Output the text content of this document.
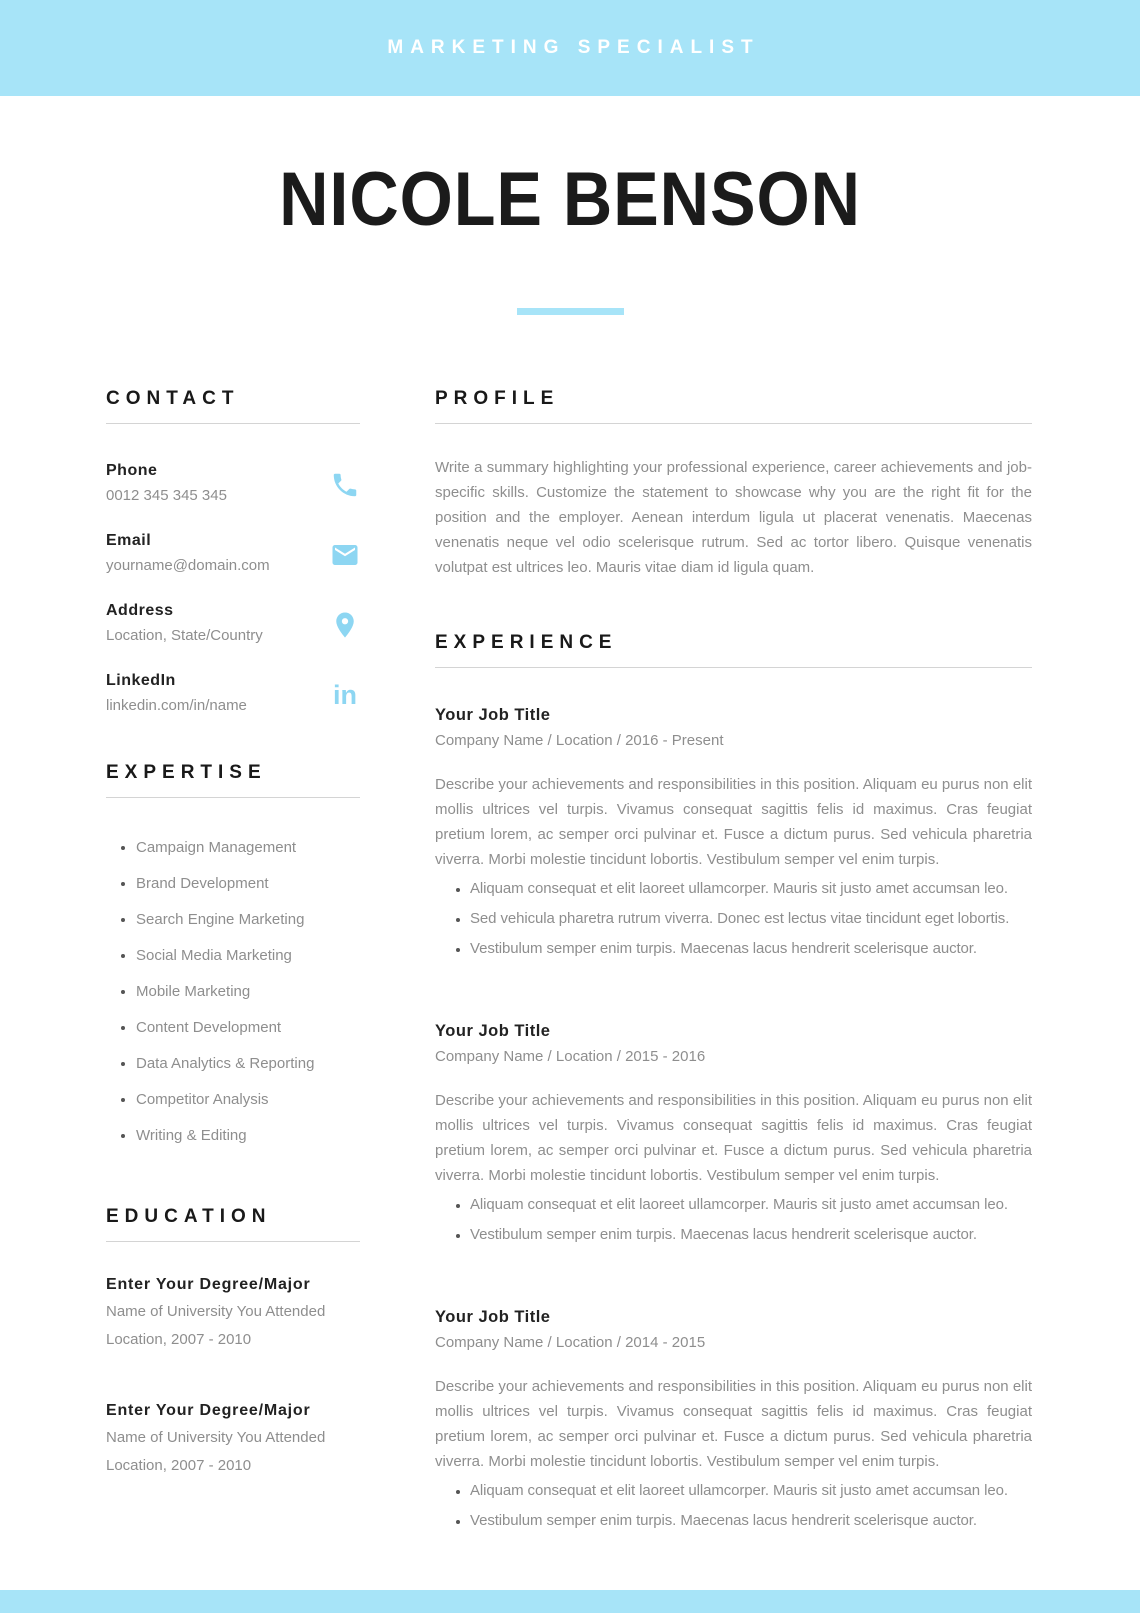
MARKETING SPECIALIST
NICOLE BENSON
CONTACT
Phone
0012 345 345 345
Email
yourname@domain.com
Address
Location, State/Country
LinkedIn
linkedin.com/in/name	in
EXPERTISE
• Campaign Management
• Brand Development
• Search Engine Marketing
• Social Media Marketing
• Mobile Marketing
• Content Development
• Data Analytics & Reporting
• Competitor Analysis
• Writing & Editing
EDUCATION
Enter Your Degree/Major
Name of University You Attended
Location, 2007 - 2010
Enter Your Degree/Major
Name of University You Attended
Location, 2007 - 2010
PROFILE

Write a summary highlighting your professional experience, career achievements and job-specific skills. Customize the statement to showcase why you are the right fit for the position and the employer. Aenean interdum ligula ut placerat venenatis. Maecenas venenatis neque vel odio scelerisque rutrum. Sed ac tortor libero. Quisque venenatis volutpat est ultrices leo. Mauris vitae diam id ligula quam.

EXPERIENCE
Your Job Title
Company Name / Location / 2016 - Present

Describe your achievements and responsibilities in this position. Aliquam eu purus non elit mollis ultrices vel turpis. Vivamus consequat sagittis felis id maximus. Cras feugiat pretium lorem, ac semper orci pulvinar et. Fusce a dictum purus. Sed vehicula pharetria viverra. Morbi molestie tincidunt lobortis. Vestibulum semper vel enim turpis.

• Aliquam consequat et elit laoreet ullamcorper. Mauris sit justo amet accumsan leo.
• Sed vehicula pharetra rutrum viverra. Donec est lectus vitae tincidunt eget lobortis.
• Vestibulum semper enim turpis. Maecenas lacus hendrerit scelerisque auctor.
Your Job Title
Company Name / Location / 2015 - 2016

Describe your achievements and responsibilities in this position. Aliquam eu purus non elit mollis ultrices vel turpis. Vivamus consequat sagittis felis id maximus. Cras feugiat pretium lorem, ac semper orci pulvinar et. Fusce a dictum purus. Sed vehicula pharetria viverra. Morbi molestie tincidunt lobortis. Vestibulum semper vel enim turpis.

• Aliquam consequat et elit laoreet ullamcorper. Mauris sit justo amet accumsan leo.
• Vestibulum semper enim turpis. Maecenas lacus hendrerit scelerisque auctor.
Your Job Title
Company Name / Location / 2014 - 2015

Describe your achievements and responsibilities in this position. Aliquam eu purus non elit mollis ultrices vel turpis. Vivamus consequat sagittis felis id maximus. Cras feugiat pretium lorem, ac semper orci pulvinar et. Fusce a dictum purus. Sed vehicula pharetria viverra. Morbi molestie tincidunt lobortis. Vestibulum semper vel enim turpis.

• Aliquam consequat et elit laoreet ullamcorper. Mauris sit justo amet accumsan leo.
• Vestibulum semper enim turpis. Maecenas lacus hendrerit scelerisque auctor.
